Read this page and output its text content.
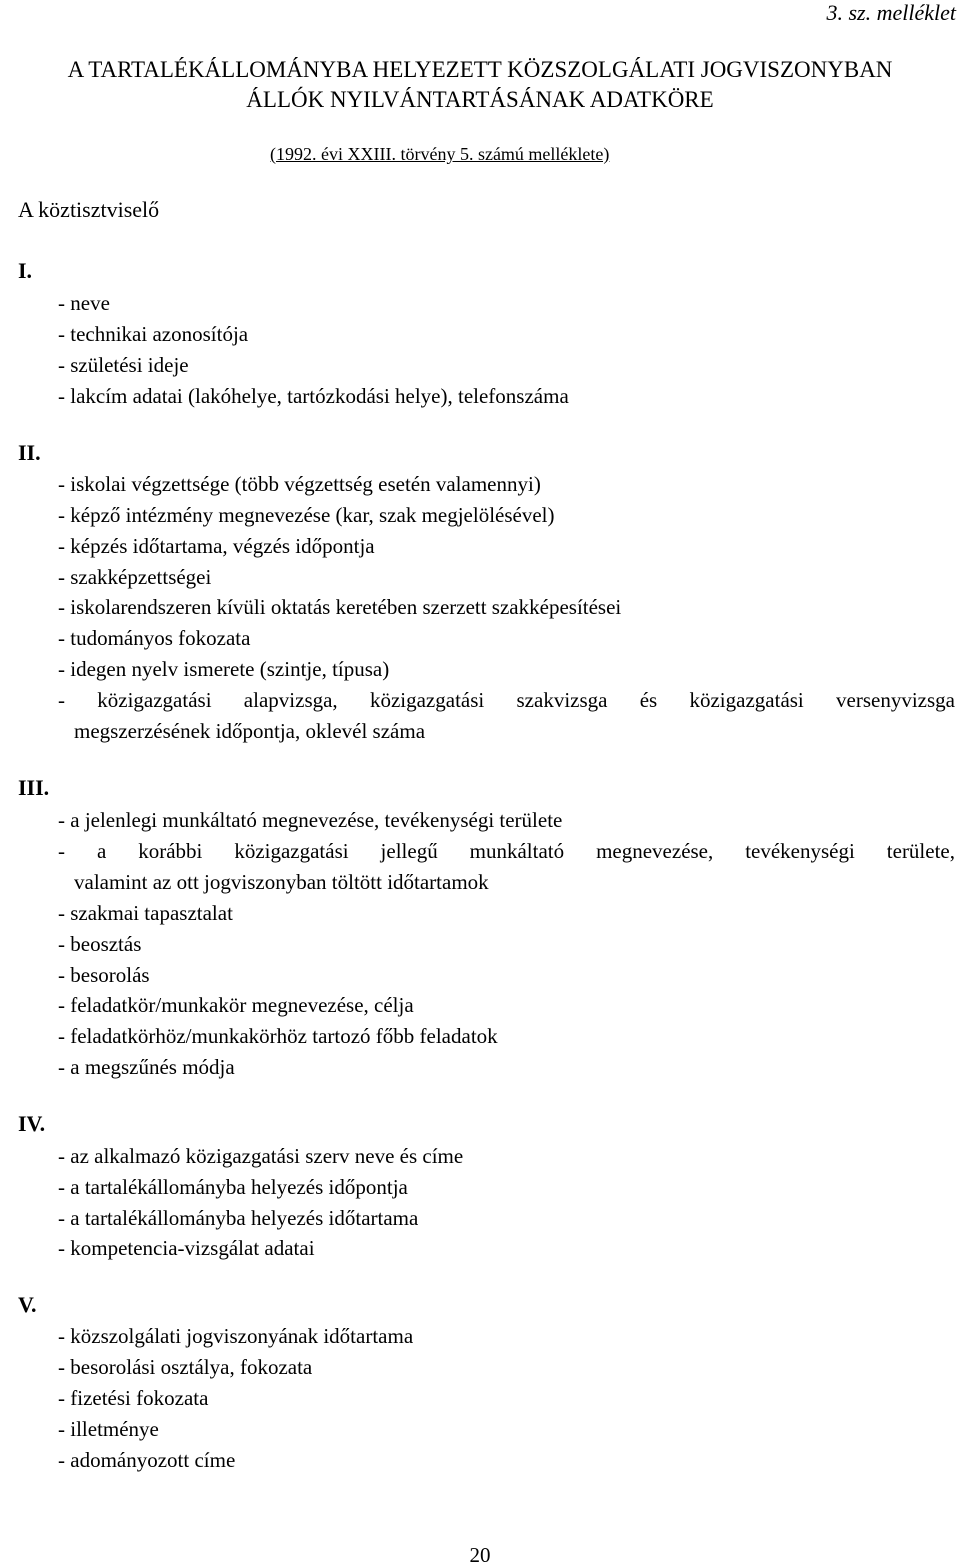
3. sz. melléklet
A TARTALÉKÁLLOMÁNYBA HELYEZETT KÖZSZOLGÁLATI JOGVISZONYBAN
ÁLLÓK NYILVÁNTARTÁSÁNAK ADATKÖRE
(1992. évi XXIII. törvény 5. számú melléklete)
A köztisztviselő
I.
- neve
- technikai azonosítója
- születési ideje
- lakcím adatai (lakóhelye, tartózkodási helye), telefonszáma
II.
- iskolai végzettsége (több végzettség esetén valamennyi)
- képző intézmény megnevezése (kar, szak megjelölésével)
- képzés időtartama, végzés időpontja
- szakképzettségei
- iskolarendszeren kívüli oktatás keretében szerzett szakképesítései
- tudományos fokozata
- idegen nyelv ismerete (szintje, típusa)
- közigazgatási alapvizsga, közigazgatási szakvizsga és közigazgatási versenyvizsga
megszerzésének időpontja, oklevél száma
III.
- a jelenlegi munkáltató megnevezése, tevékenységi területe
- a korábbi közigazgatási jellegű munkáltató megnevezése, tevékenységi területe,
valamint az ott jogviszonyban töltött időtartamok
- szakmai tapasztalat
- beosztás
- besorolás
- feladatkör/munkakör megnevezése, célja
- feladatkörhöz/munkakörhöz tartozó főbb feladatok
- a megszűnés módja
IV.
- az alkalmazó közigazgatási szerv neve és címe
- a tartalékállományba helyezés időpontja
- a tartalékállományba helyezés időtartama
- kompetencia-vizsgálat adatai
V.
- közszolgálati jogviszonyának időtartama
- besorolási osztálya, fokozata
- fizetési fokozata
- illetménye
- adományozott címe
20
